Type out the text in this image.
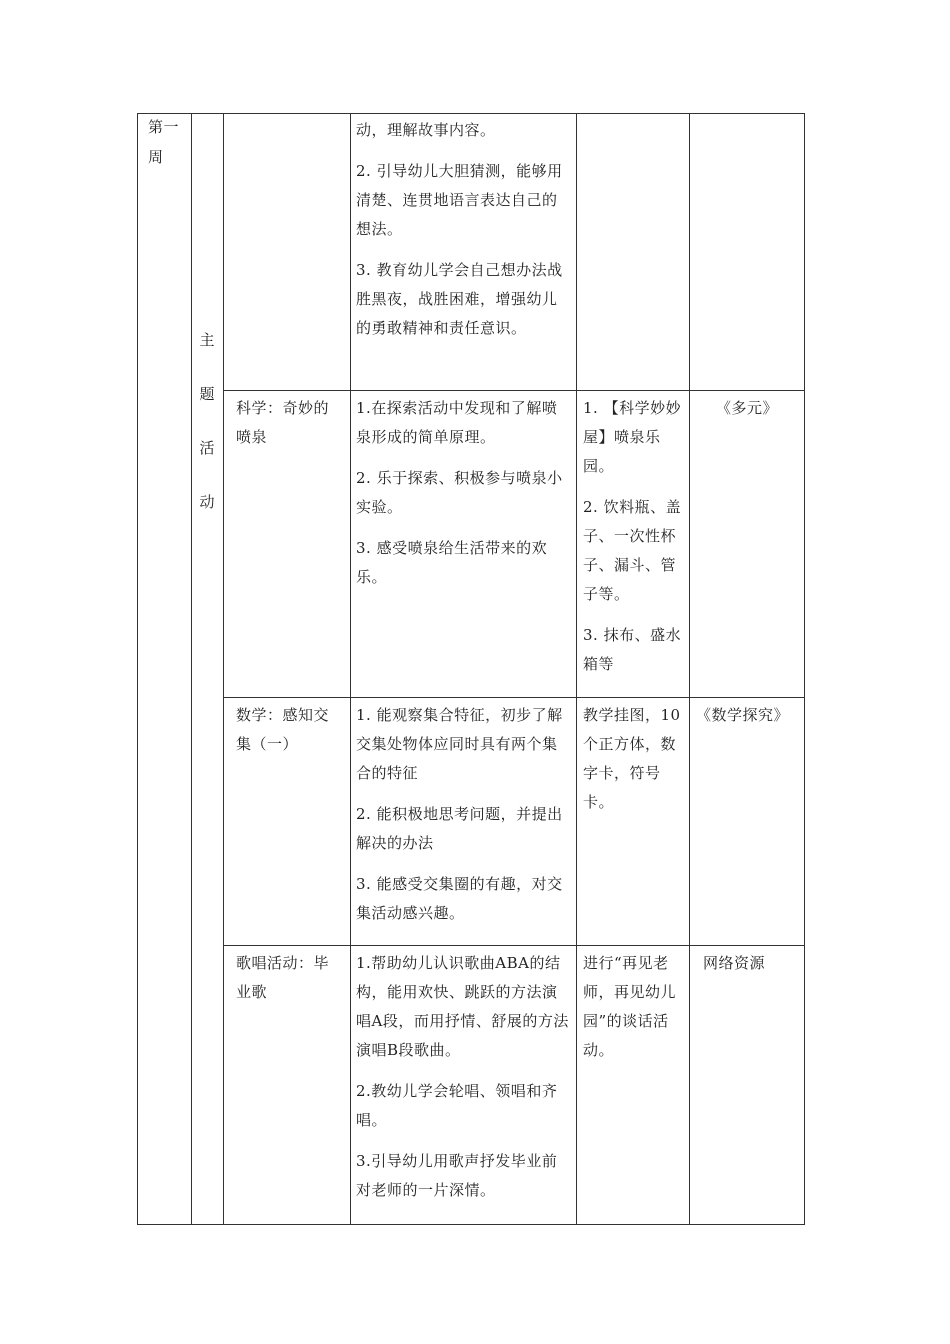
第一周
主
题
活
动

动，理解故事内容。

2. 引导幼儿大胆猜测，能够用清楚、连贯地语言表达自己的想法。

3. 教育幼儿学会自己想办法战胜黑夜，战胜困难，增强幼儿的勇敢精神和责任意识。

科学：奇妙的喷泉

1.在探索活动中发现和了解喷泉形成的简单原理。

2. 乐于探索、积极参与喷泉小实验。

3. 感受喷泉给生活带来的欢乐。

1. 【科学妙妙屋】喷泉乐园。

2. 饮料瓶、盖子、一次性杯子、漏斗、管子等。

3. 抹布、盛水箱等

《多元》
数学：感知交集（一）

1. 能观察集合特征，初步了解交集处物体应同时具有两个集合的特征

2. 能积极地思考问题，并提出解决的办法

3. 能感受交集圈的有趣，对交集活动感兴趣。

教学挂图，10个正方体，数字卡，符号卡。

《数学探究》
歌唱活动：毕业歌

1.帮助幼儿认识歌曲ABA的结构，能用欢快、跳跃的方法演唱A段，而用抒情、舒展的方法演唱B段歌曲。

2.教幼儿学会轮唱、领唱和齐唱。

3.引导幼儿用歌声抒发毕业前对老师的一片深情。

进行“再见老师，再见幼儿园”的谈话活动。

网络资源
